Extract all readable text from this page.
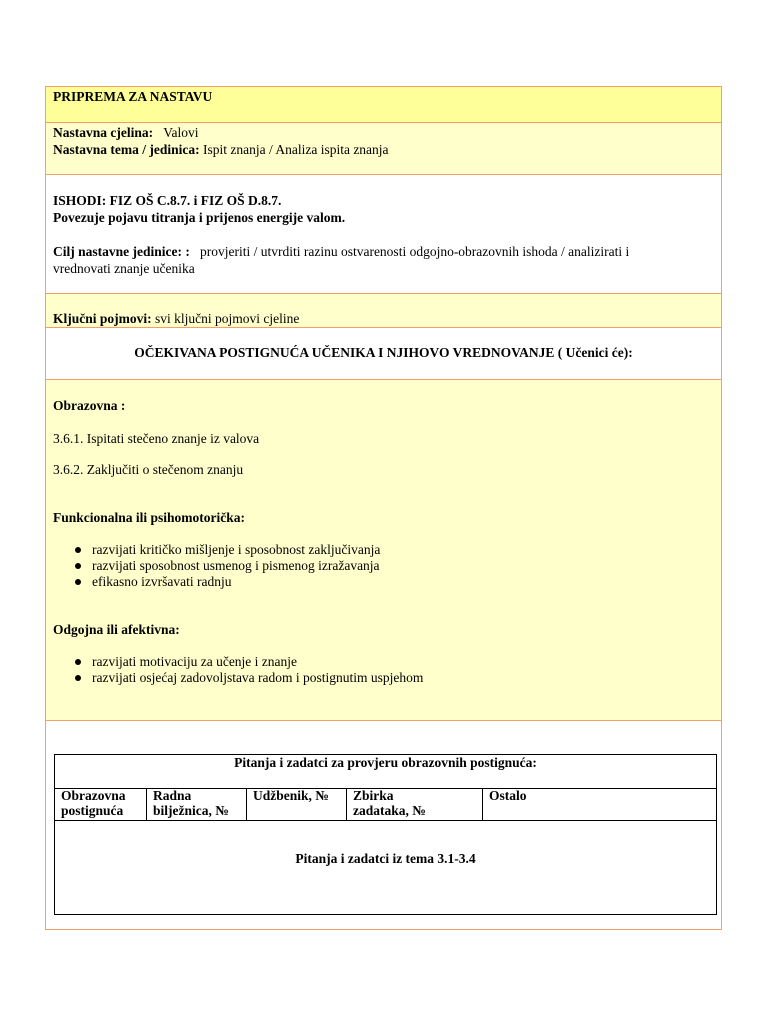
PRIPREMA ZA NASTAVU
Nastavna cjelina: Valovi
Nastavna tema / jedinica: Ispit znanja / Analiza ispita znanja
ISHODI: FIZ OŠ C.8.7. i FIZ OŠ D.8.7.
Povezuje pojavu titranja i prijenos energije valom.
Cilj nastavne jedinice: : provjeriti / utvrditi razinu ostvarenosti odgojno-obrazovnih ishoda / analizirati i
vrednovati znanje učenika
Ključni pojmovi: svi ključni pojmovi cjeline
OČEKIVANA POSTIGNUĆA UČENIKA I NJIHOVO VREDNOVANJE ( Učenici će):
Obrazovna :
3.6.1. Ispitati stečeno znanje iz valova
3.6.2. Zaključiti o stečenom znanju
Funkcionalna ili psihomotorička:
razvijati kritičko mišljenje i sposobnost zaključivanja
razvijati sposobnost usmenog i pismenog izražavanja
efikasno izvršavati radnju
Odgojna ili afektivna:
razvijati motivaciju za učenje i znanje
razvijati osjećaj zadovoljstava radom i postignutim uspjehom
Pitanja i zadatci za provjeru obrazovnih postignuća:
Obrazovna
postignuća
Radna
bilježnica, №
Udžbenik, №	Zbirka
zadataka, №
Ostalo
Pitanja i zadatci iz tema 3.1-3.4
